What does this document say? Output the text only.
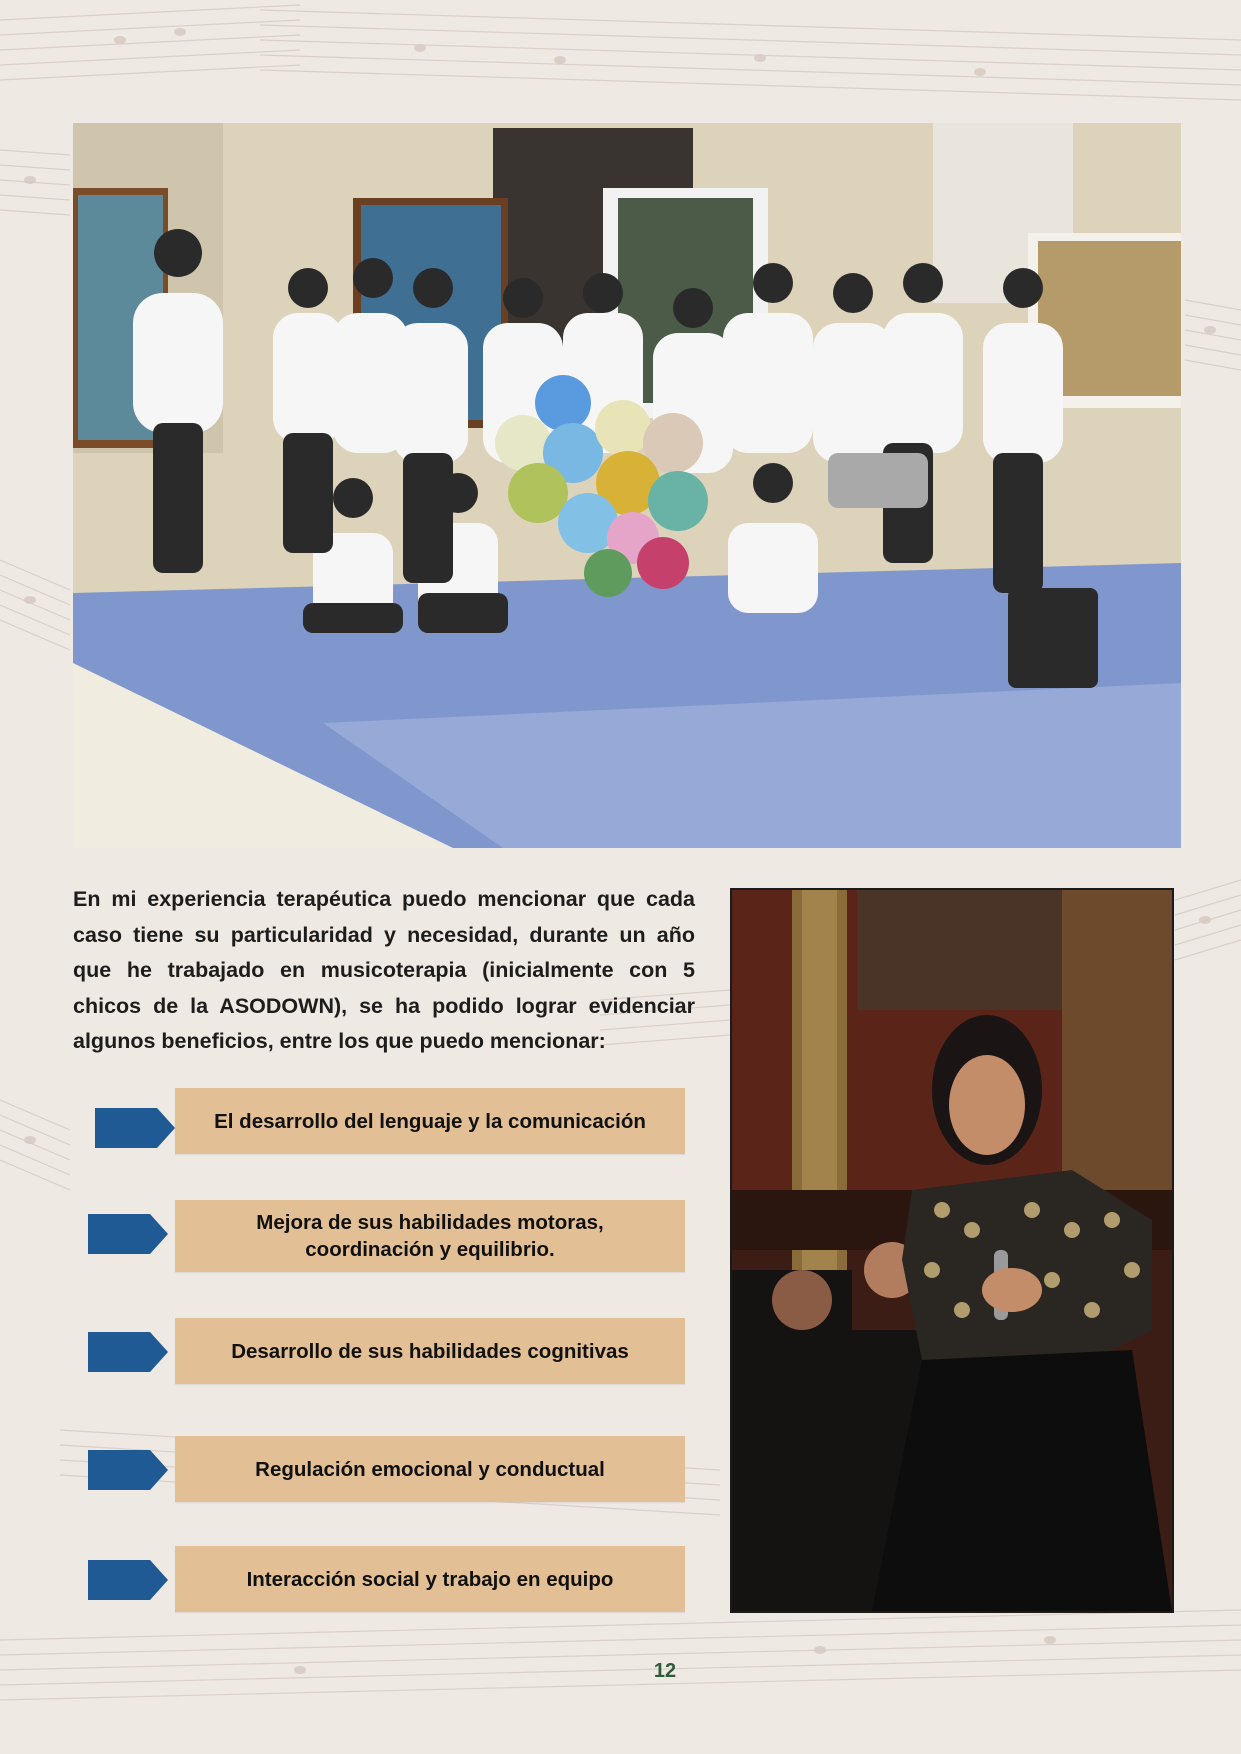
En mi experiencia terapéutica puedo mencionar que cada caso tiene su particularidad y necesidad, durante un año que he trabajado en musicoterapia (inicialmente con 5 chicos de la ASODOWN), se ha podido lograr evidenciar algunos beneficios, entre los que puedo mencionar:

El desarrollo del lenguaje y la comunicación
Mejora de sus habilidades motoras, coordinación y equilibrio.
Desarrollo de sus habilidades cognitivas
Regulación emocional y conductual
Interacción social y trabajo en equipo
12
